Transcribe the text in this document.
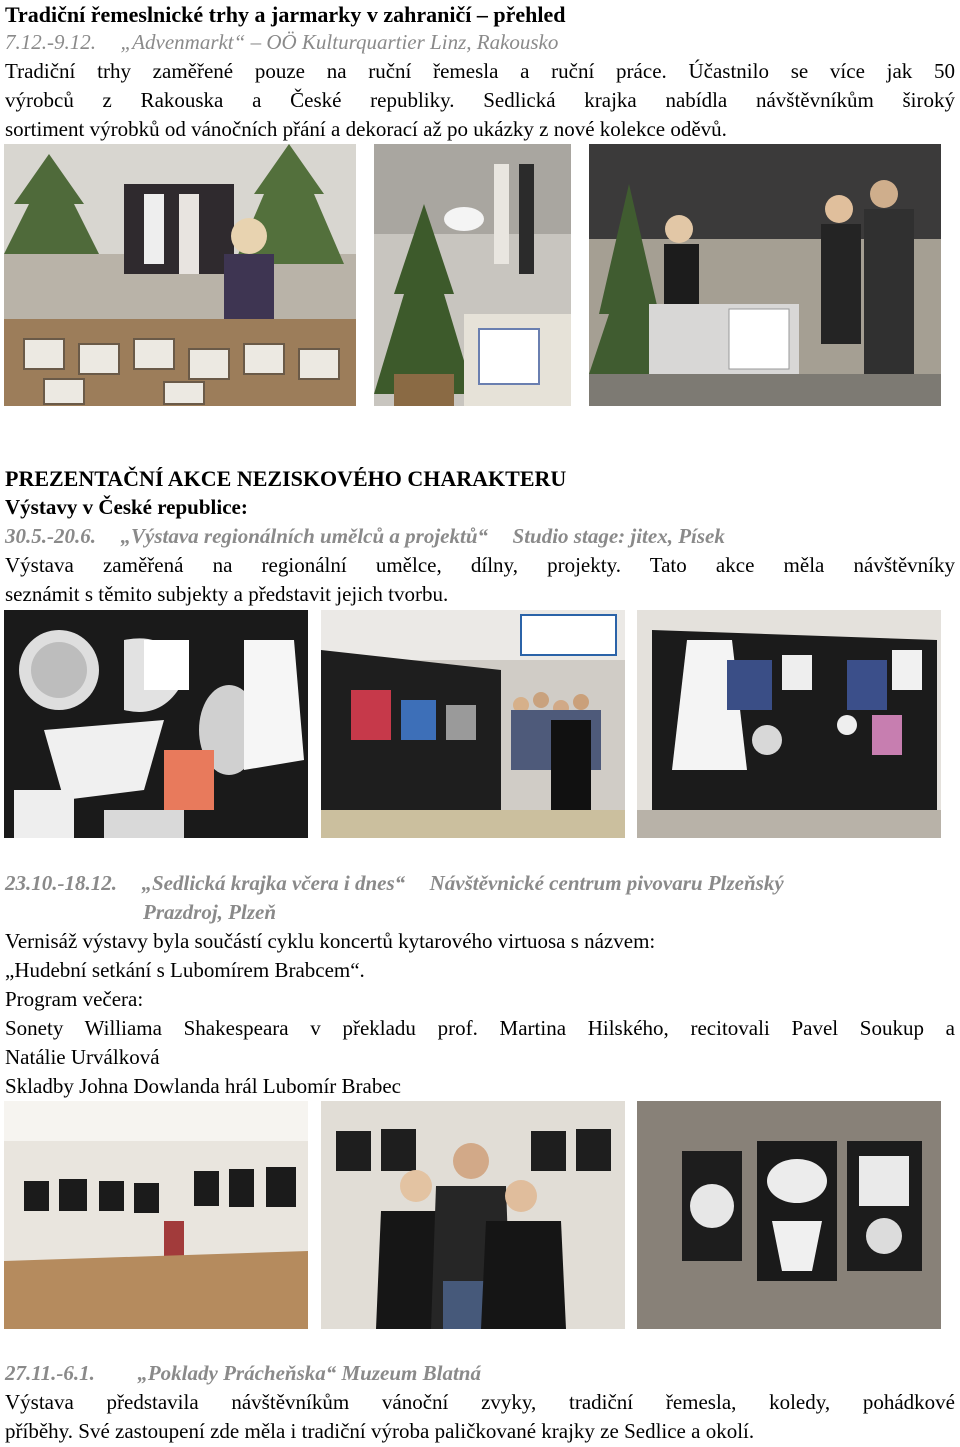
Tradiční řemeslnické trhy a jarmarky v zahraničí – přehled
7.12.-9.12. „Advenmarkt“ – OÖ Kulturquartier Linz, Rakousko
Tradiční trhy zaměřené pouze na ruční řemesla a ruční práce. Účastnilo se více jak 50
výrobců z Rakouska a České republiky. Sedlická krajka nabídla návštěvníkům široký
sortiment výrobků od vánočních přání a dekorací až po ukázky z nové kolekce oděvů.
PREZENTAČNÍ AKCE NEZISKOVÉHO CHARAKTERU
Výstavy v České republice:
30.5.-20.6. „Výstava regionálních umělců a projektů“ Studio stage: jitex, Písek
Výstava zaměřená na regionální umělce, dílny, projekty. Tato akce měla návštěvníky
seznámit s těmito subjekty a představit jejich tvorbu.
23.10.-18.12. „Sedlická krajka včera i dnes“ Návštěvnické centrum pivovaru Plzeňský
Prazdroj, Plzeň
Vernisáž výstavy byla součástí cyklu koncertů kytarového virtuosa s názvem:
„Hudební setkání s Lubomírem Brabcem“.
Program večera:
Sonety Williama Shakespeara v překladu prof. Martina Hilského, recitovali Pavel Soukup a
Natálie Urválková
Skladby Johna Dowlanda hrál Lubomír Brabec
27.11.-6.1. „Poklady Prácheňska“ Muzeum Blatná
Výstava představila návštěvníkům vánoční zvyky, tradiční řemesla, koledy, pohádkové
příběhy. Své zastoupení zde měla i tradiční výroba paličkované krajky ze Sedlice a okolí.
